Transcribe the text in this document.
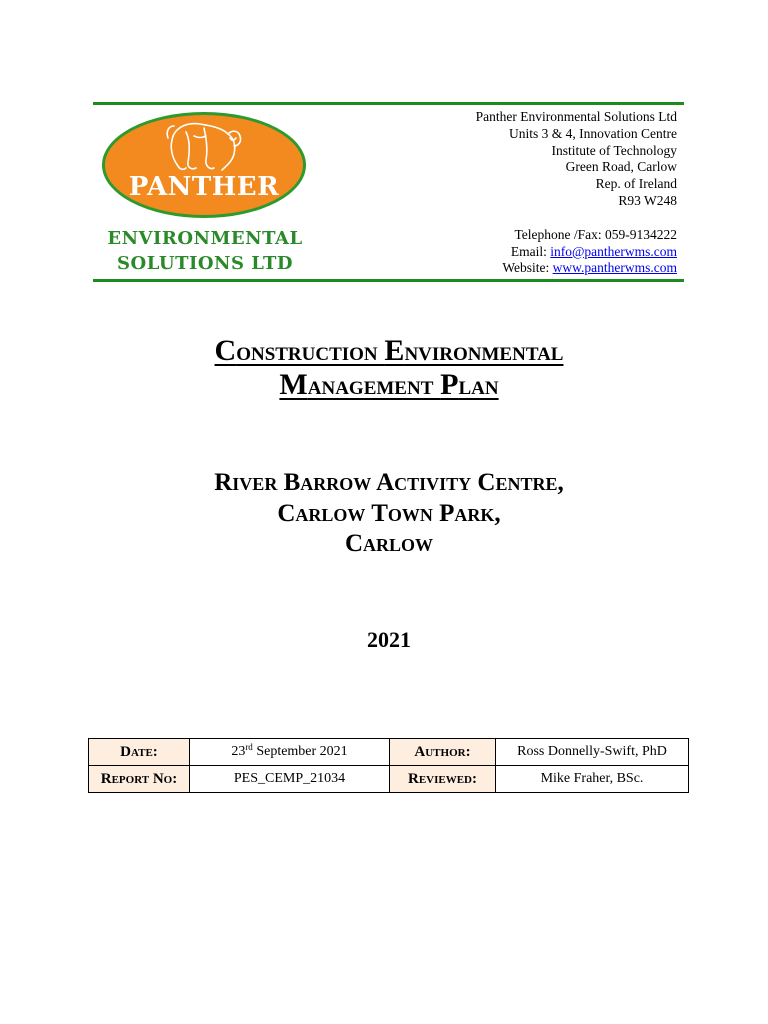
PANTHER
ENVIRONMENTAL
SOLUTIONS LTD
Panther Environmental Solutions Ltd
Units 3 & 4, Innovation Centre
Institute of Technology
Green Road, Carlow
Rep. of Ireland
R93 W248
Telephone /Fax: 059-9134222
Email: info@pantherwms.com
Website: www.pantherwms.com
Construction Environmental
Management Plan
River Barrow Activity Centre,
Carlow Town Park,
Carlow
2021
Date:	23rd September 2021	Author:	Ross Donnelly-Swift, PhD
Report No:	PES_CEMP_21034	Reviewed:	Mike Fraher, BSc.
